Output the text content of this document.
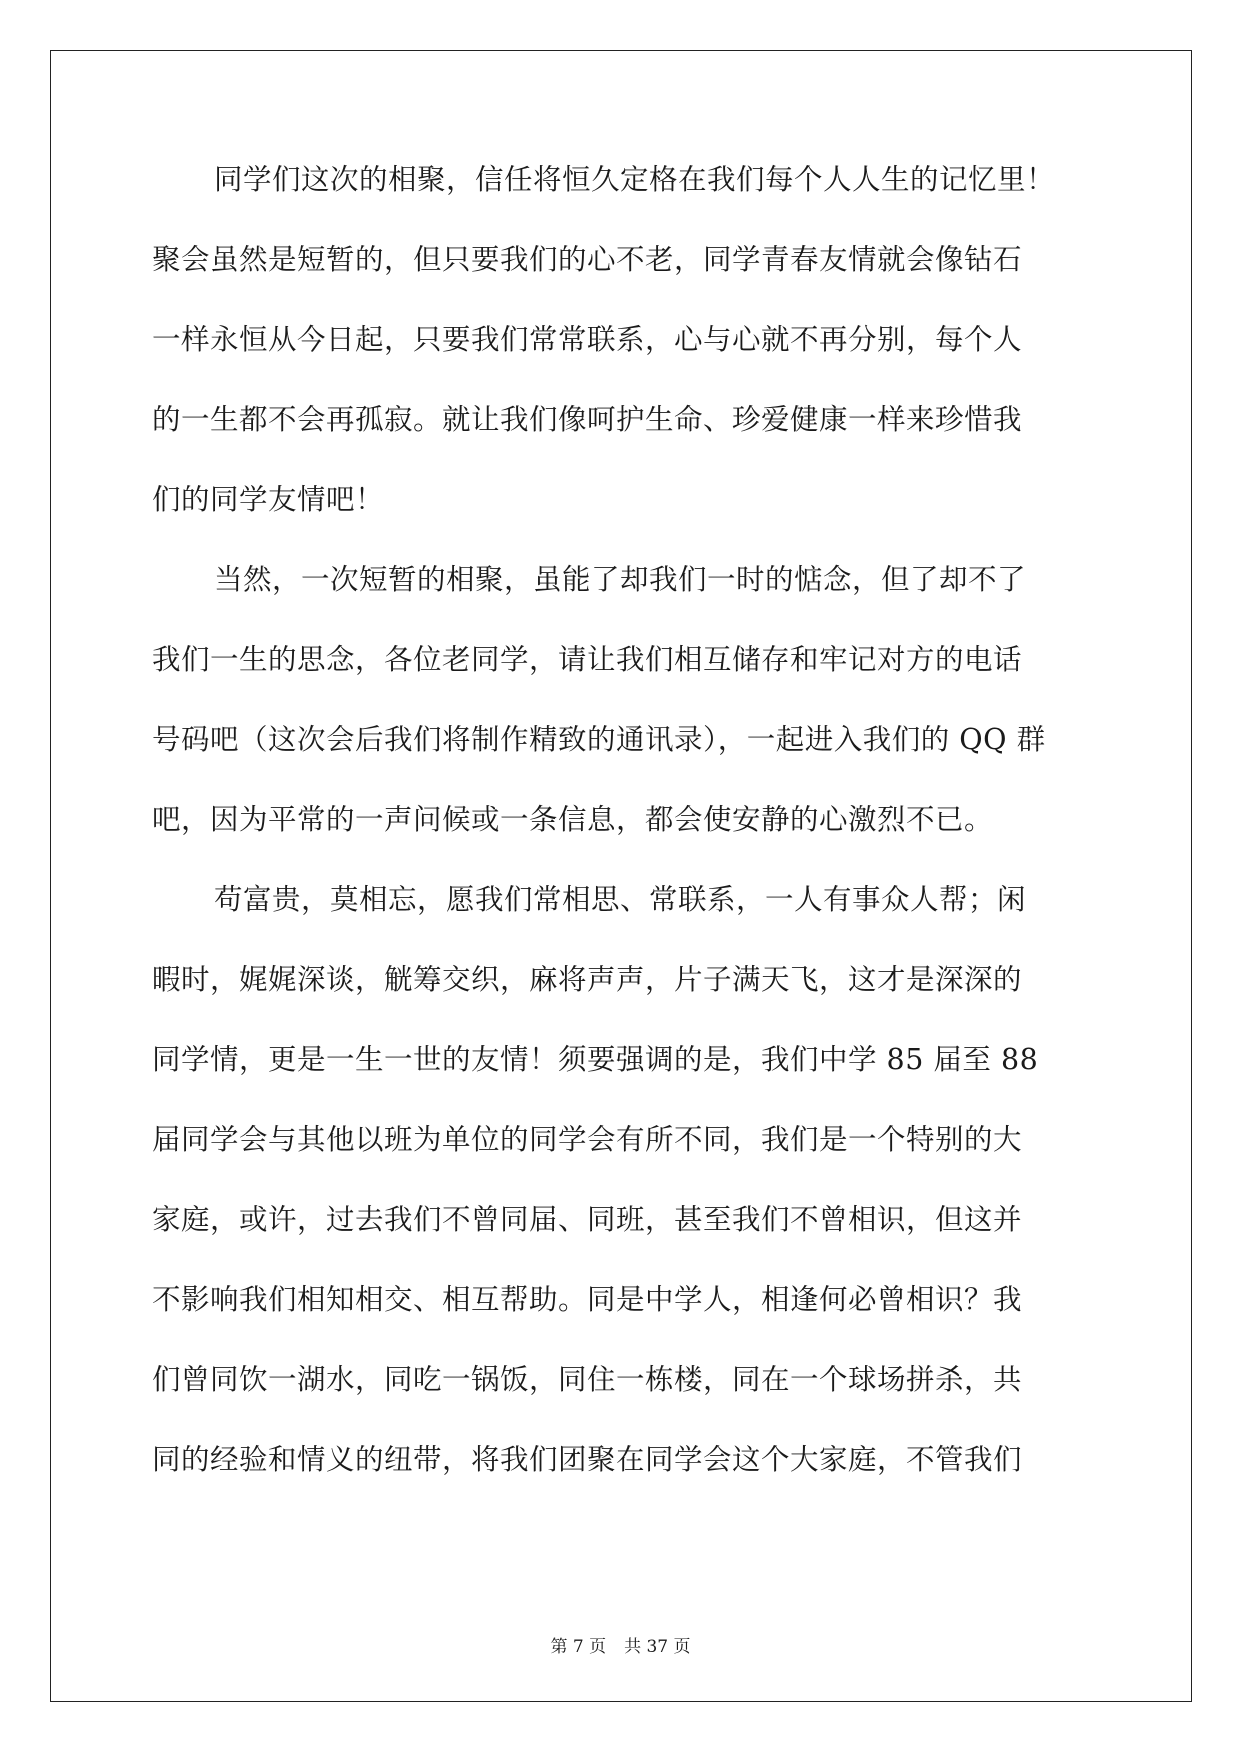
同学们这次的相聚，信任将恒久定格在我们每个人人生的记忆里！
聚会虽然是短暂的，但只要我们的心不老，同学青春友情就会像钻石
一样永恒从今日起，只要我们常常联系，心与心就不再分别，每个人
的一生都不会再孤寂。就让我们像呵护生命、珍爱健康一样来珍惜我
们的同学友情吧！
当然，一次短暂的相聚，虽能了却我们一时的惦念，但了却不了
我们一生的思念，各位老同学，请让我们相互储存和牢记对方的电话
号码吧（这次会后我们将制作精致的通讯录），一起进入我们的 QQ 群
吧，因为平常的一声问候或一条信息，都会使安静的心激烈不已。
苟富贵，莫相忘，愿我们常相思、常联系，一人有事众人帮；闲
暇时，娓娓深谈，觥筹交织，麻将声声，片子满天飞，这才是深深的
同学情，更是一生一世的友情！须要强调的是，我们中学 85 届至 88
届同学会与其他以班为单位的同学会有所不同，我们是一个特别的大
家庭，或许，过去我们不曾同届、同班，甚至我们不曾相识，但这并
不影响我们相知相交、相互帮助。同是中学人，相逢何必曾相识？我
们曾同饮一湖水，同吃一锅饭，同住一栋楼，同在一个球场拼杀，共
同的经验和情义的纽带，将我们团聚在同学会这个大家庭，不管我们
第 7 页 共 37 页
